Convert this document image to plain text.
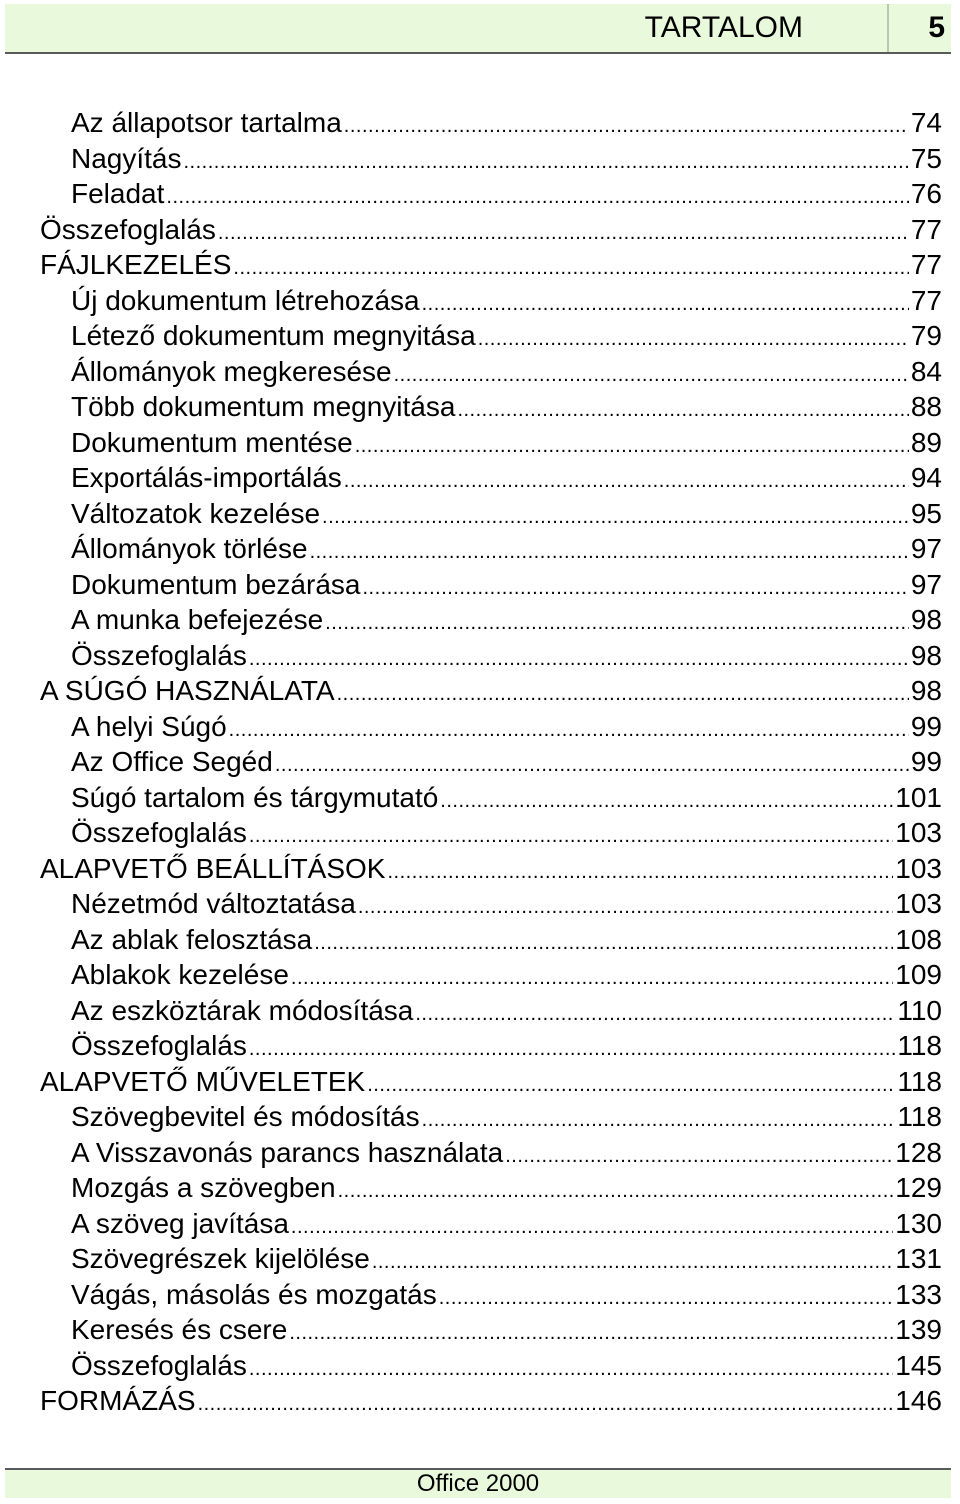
TARTALOM	5
Az állapotsor tartalma .....	74
Nagyítás .....	75
Feladat .....	76
Összefoglalás .....	77
FÁJLKEZELÉS .....	77
Új dokumentum létrehozása .....	77
Létező dokumentum megnyitása .....	79
Állományok megkeresése .....	84
Több dokumentum megnyitása .....	88
Dokumentum mentése .....	89
Exportálás-importálás .....	94
Változatok kezelése .....	95
Állományok törlése .....	97
Dokumentum bezárása .....	97
A munka befejezése .....	98
Összefoglalás .....	98
A SÚGÓ HASZNÁLATA .....	98
A helyi Súgó .....	99
Az Office Segéd .....	99
Súgó tartalom és tárgymutató .....	101
Összefoglalás .....	103
ALAPVETŐ BEÁLLÍTÁSOK .....	103
Nézetmód változtatása .....	103
Az ablak felosztása .....	108
Ablakok kezelése .....	109
Az eszköztárak módosítása .....	110
Összefoglalás .....	118
ALAPVETŐ MŰVELETEK .....	118
Szövegbevitel és módosítás .....	118
A Visszavonás parancs használata .....	128
Mozgás a szövegben .....	129
A szöveg javítása .....	130
Szövegrészek kijelölése .....	131
Vágás, másolás és mozgatás .....	133
Keresés és csere .....	139
Összefoglalás .....	145
FORMÁZÁS .....	146
Office 2000
